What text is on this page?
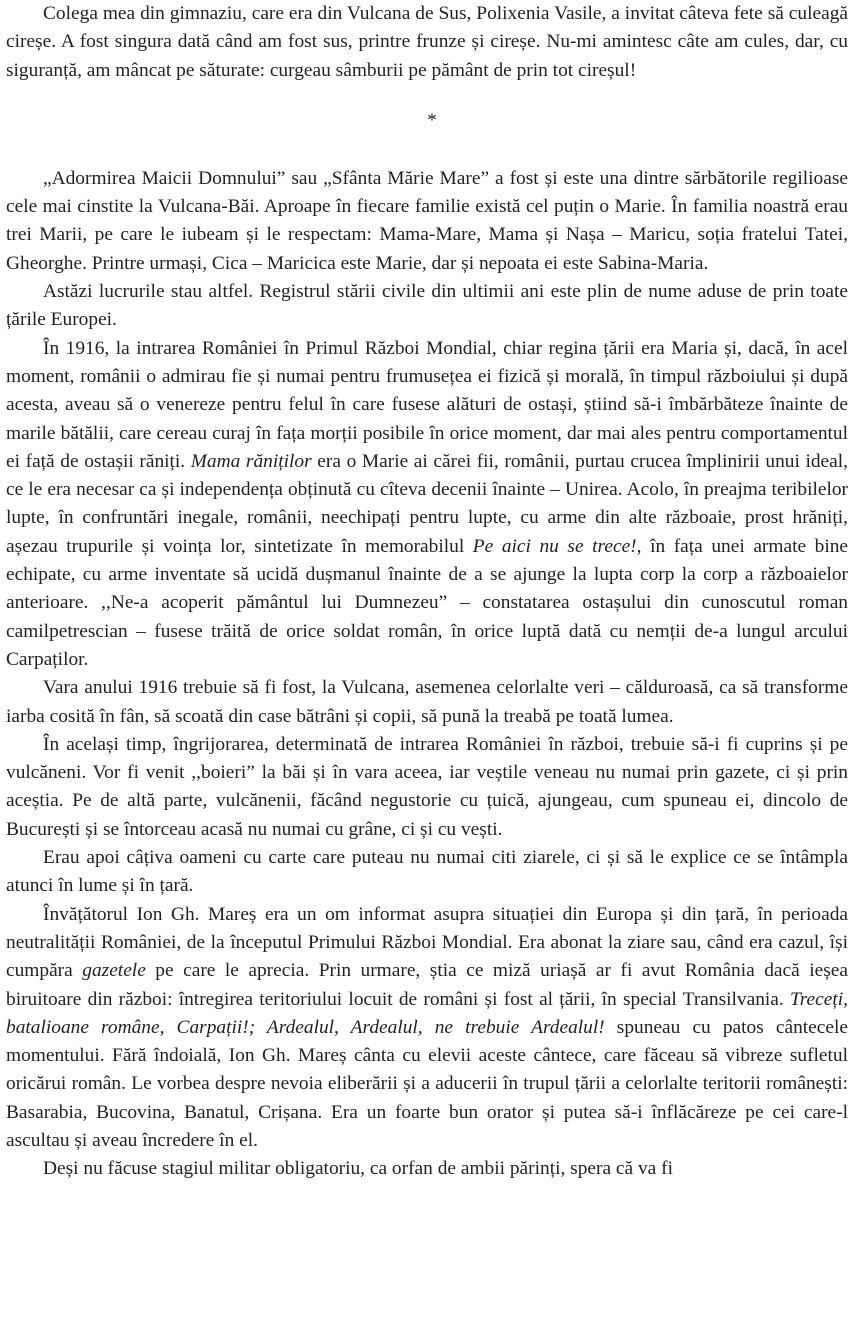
Colega mea din gimnaziu, care era din Vulcana de Sus, Polixenia Vasile, a invitat câteva fete să culeagă cireșe. A fost singura dată când am fost sus, printre frunze și cireșe. Nu-mi amintesc câte am cules, dar, cu siguranță, am mâncat pe săturate: curgeau sâmburii pe pământ de prin tot cireșul!

*

„Adormirea Maicii Domnului” sau „Sfânta Mărie Mare” a fost și este una dintre sărbătorile regilioase cele mai cinstite la Vulcana-Băi. Aproape în fiecare familie există cel puțin o Marie. În familia noastră erau trei Marii, pe care le iubeam și le respectam: Mama-Mare, Mama și Nașa – Maricu, soția fratelui Tatei, Gheorghe. Printre urmași, Cica – Maricica este Marie, dar și nepoata ei este Sabina-Maria.

Astăzi lucrurile stau altfel. Registrul stării civile din ultimii ani este plin de nume aduse de prin toate țările Europei.

În 1916, la intrarea României în Primul Război Mondial, chiar regina țării era Maria și, dacă, în acel moment, românii o admirau fie și numai pentru frumusețea ei fizică și morală, în timpul războiului și după acesta, aveau să o venereze pentru felul în care fusese alături de ostași, știind să-i îmbărbăteze înainte de marile bătălii, care cereau curaj în fața morții posibile în orice moment, dar mai ales pentru comportamentul ei față de ostașii răniți. Mama răniților era o Marie ai cărei fii, românii, purtau crucea împlinirii unui ideal, ce le era necesar ca și independența obținută cu cîteva decenii înainte – Unirea. Acolo, în preajma teribilelor lupte, în confruntări inegale, românii, neechipați pentru lupte, cu arme din alte războaie, prost hrăniți, așezau trupurile și voința lor, sintetizate în memorabilul Pe aici nu se trece!, în fața unei armate bine echipate, cu arme inventate să ucidă dușmanul înainte de a se ajunge la lupta corp la corp a războaielor anterioare. ,,Ne-a acoperit pământul lui Dumnezeu” – constatarea ostașului din cunoscutul roman camilpetrescian – fusese trăită de orice soldat român, în orice luptă dată cu nemții de-a lungul arcului Carpaților.

Vara anului 1916 trebuie să fi fost, la Vulcana, asemenea celorlalte veri – călduroasă, ca să transforme iarba cosită în fân, să scoată din case bătrâni și copii, să pună la treabă pe toată lumea.

În același timp, îngrijorarea, determinată de intrarea României în război, trebuie să-i fi cuprins și pe vulcăneni. Vor fi venit ,,boieri” la băi și în vara aceea, iar veștile veneau nu numai prin gazete, ci și prin aceștia. Pe de altă parte, vulcănenii, făcând negustorie cu țuică, ajungeau, cum spuneau ei, dincolo de București și se întorceau acasă nu numai cu grâne, ci și cu vești.

Erau apoi câțiva oameni cu carte care puteau nu numai citi ziarele, ci și să le explice ce se întâmpla atunci în lume și în țară.

Învățătorul Ion Gh. Mareș era un om informat asupra situației din Europa și din țară, în perioada neutralității României, de la începutul Primului Război Mondial. Era abonat la ziare sau, când era cazul, își cumpăra gazetele pe care le aprecia. Prin urmare, știa ce miză uriașă ar fi avut România dacă ieșea biruitoare din război: întregirea teritoriului locuit de români și fost al țării, în special Transilvania. Treceți, batalioane române, Carpații!; Ardealul, Ardealul, ne trebuie Ardealul! spuneau cu patos cântecele momentului. Fără îndoială, Ion Gh. Mareș cânta cu elevii aceste cântece, care făceau să vibreze sufletul oricărui român. Le vorbea despre nevoia eliberării și a aducerii în trupul țării a celorlalte teritorii românești: Basarabia, Bucovina, Banatul, Crișana. Era un foarte bun orator și putea să-i înflăcăreze pe cei care-l ascultau și aveau încredere în el.

Deși nu făcuse stagiul militar obligatoriu, ca orfan de ambii părinți, spera că va fi
